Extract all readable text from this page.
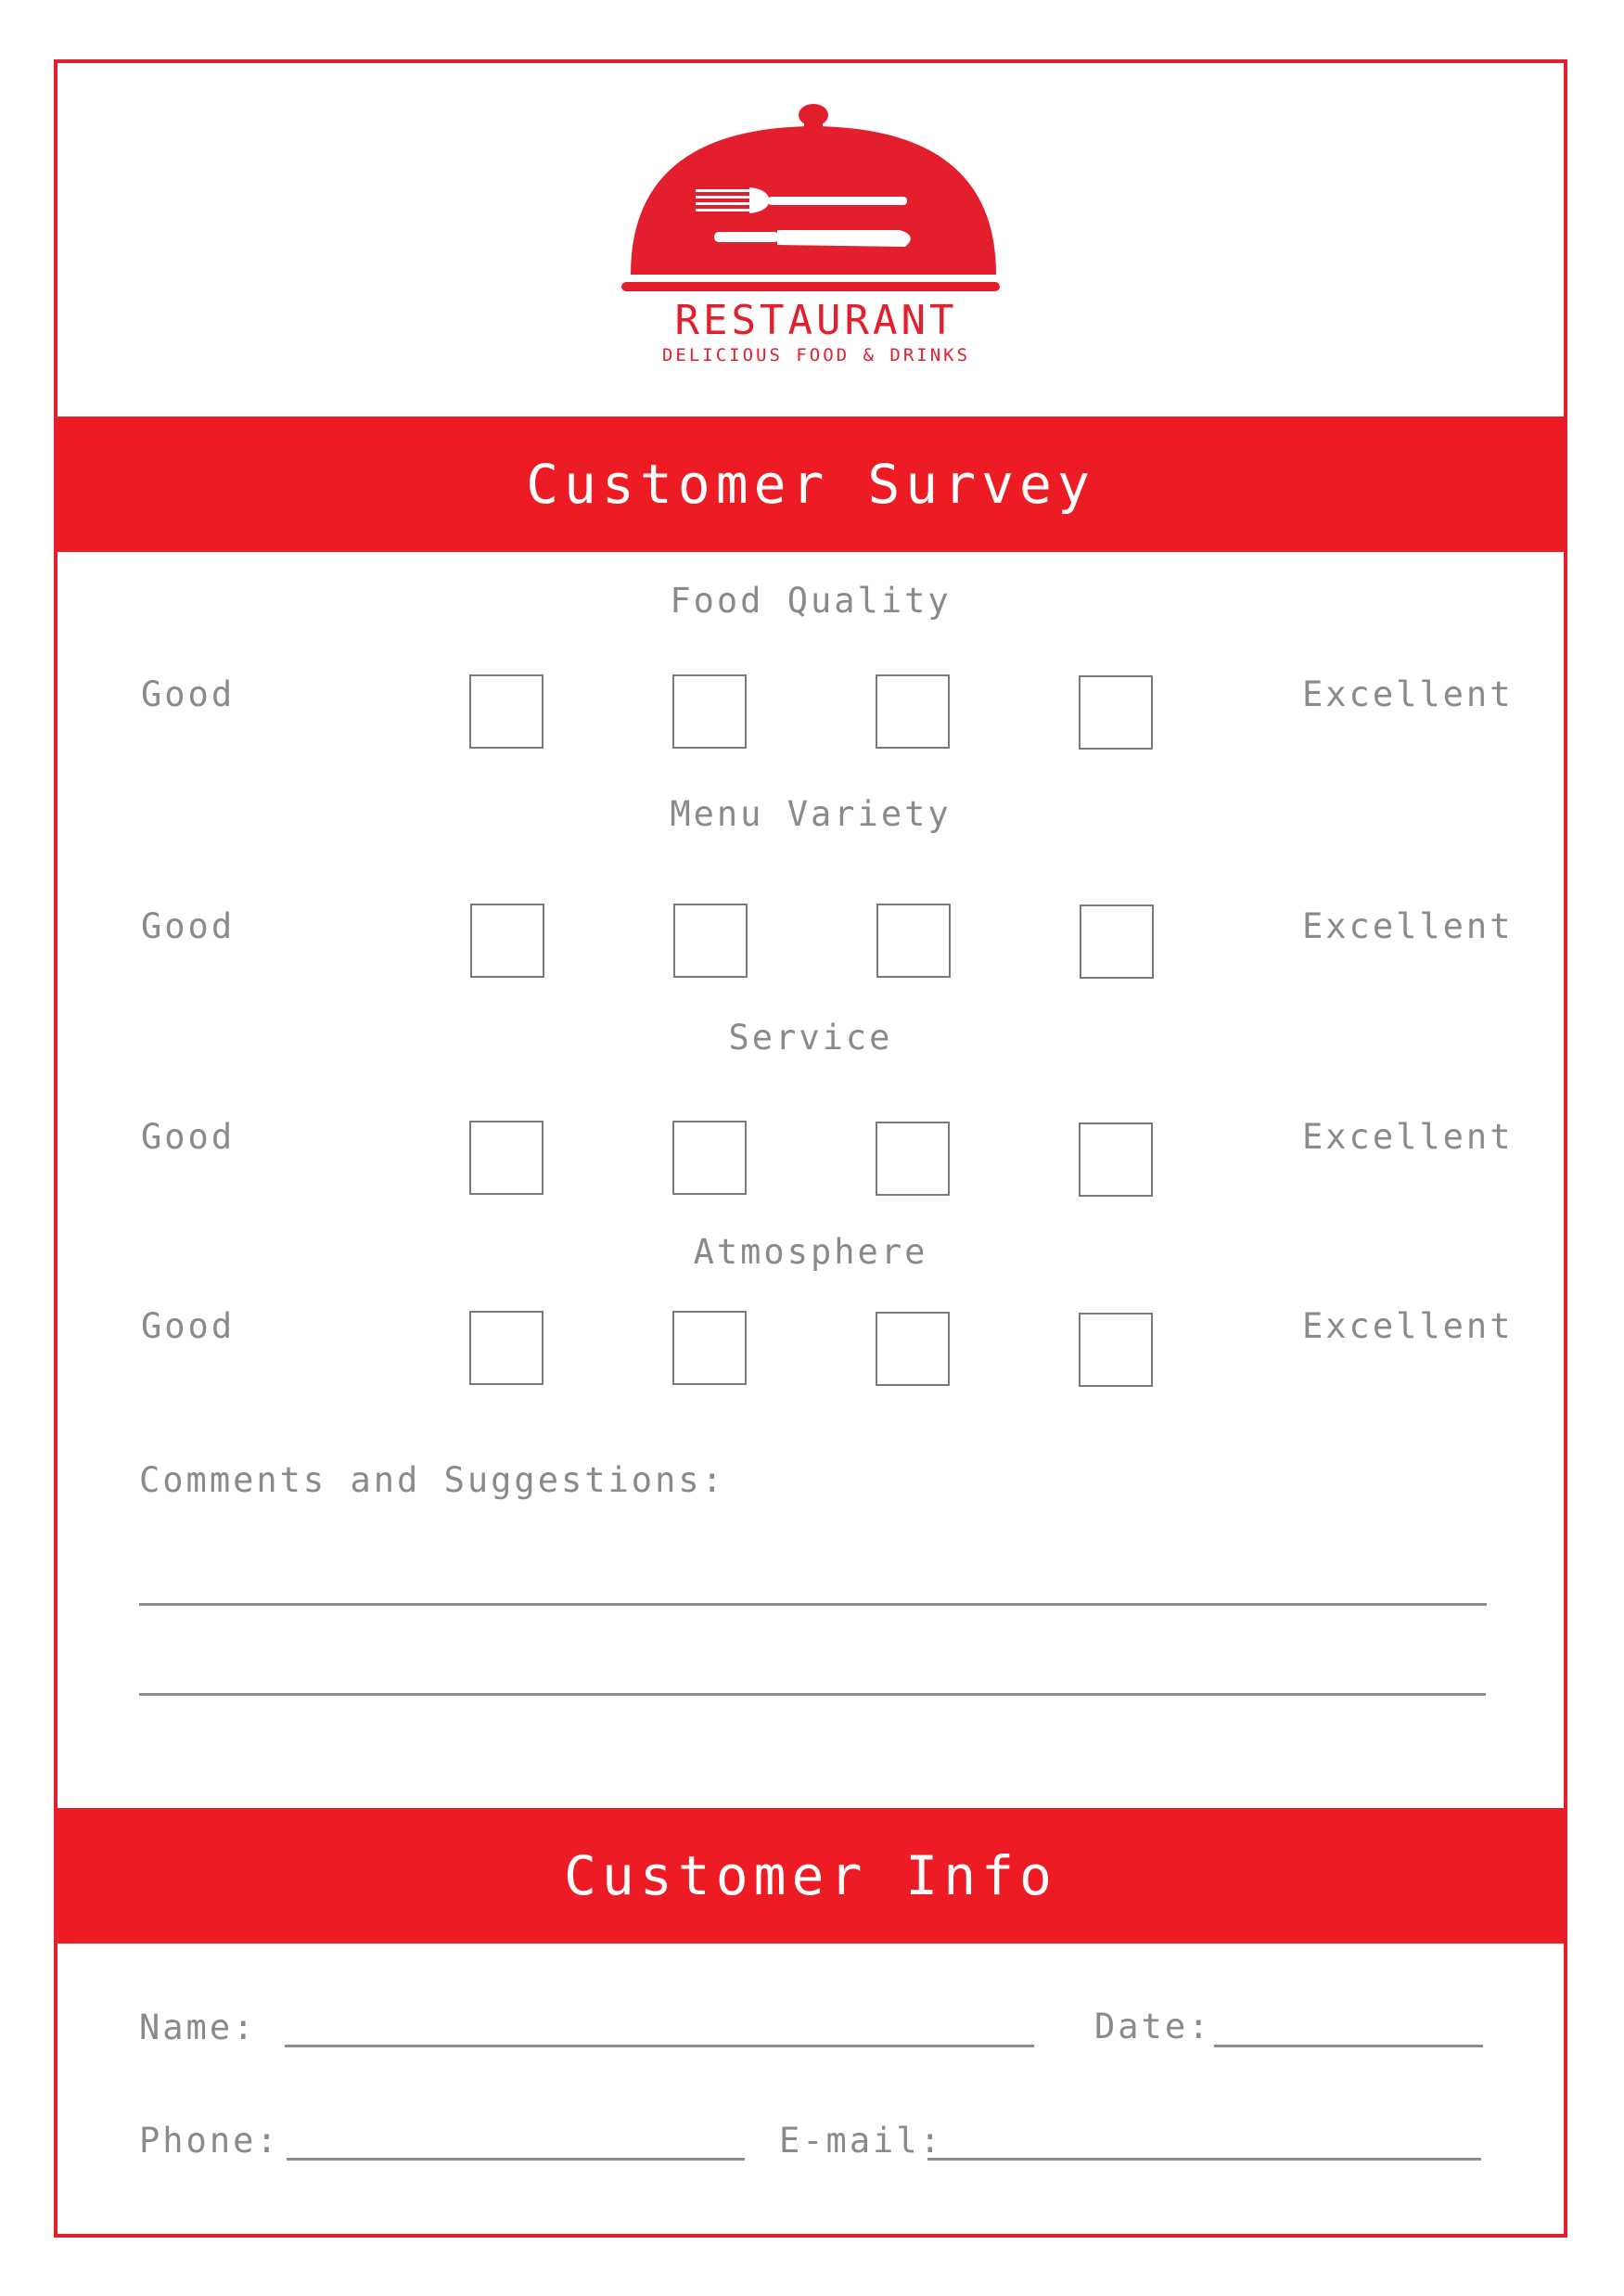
RESTAURANT
DELICIOUS FOOD & DRINKS
Customer Survey
Food Quality
Good	Excellent
Menu Variety
Good	Excellent
Service
Good	Excellent
Atmosphere
Good	Excellent
Comments and Suggestions:
Customer Info
Name:	Date:
Phone:	E-mail:
